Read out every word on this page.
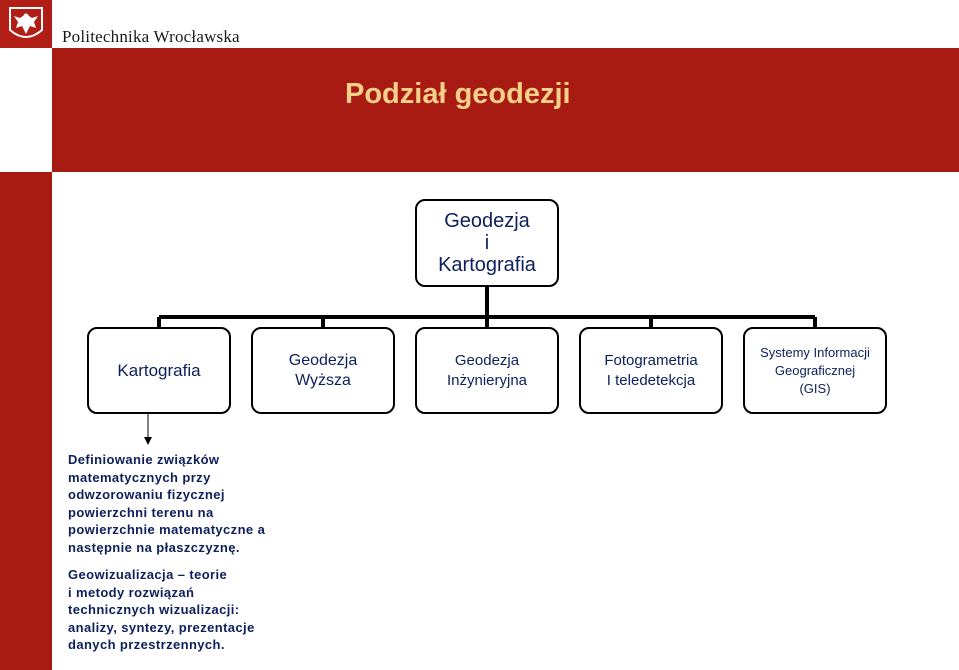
Politechnika Wrocławska
Podział geodezji
Geodezja
i
Kartografia
Kartografia
Geodezja
Wyższa
Geodezja
Inżynieryjna
Fotogrametria
I teledetekcja
Systemy Informacji
Geograficznej
(GIS)
Definiowanie związków
matematycznych przy
odwzorowaniu fizycznej
powierzchni terenu na
powierzchnie matematyczne a
następnie na płaszczyznę.
Geowizualizacja – teorie
i metody rozwiązań
technicznych wizualizacji:
analizy, syntezy, prezentacje
danych przestrzennych.
